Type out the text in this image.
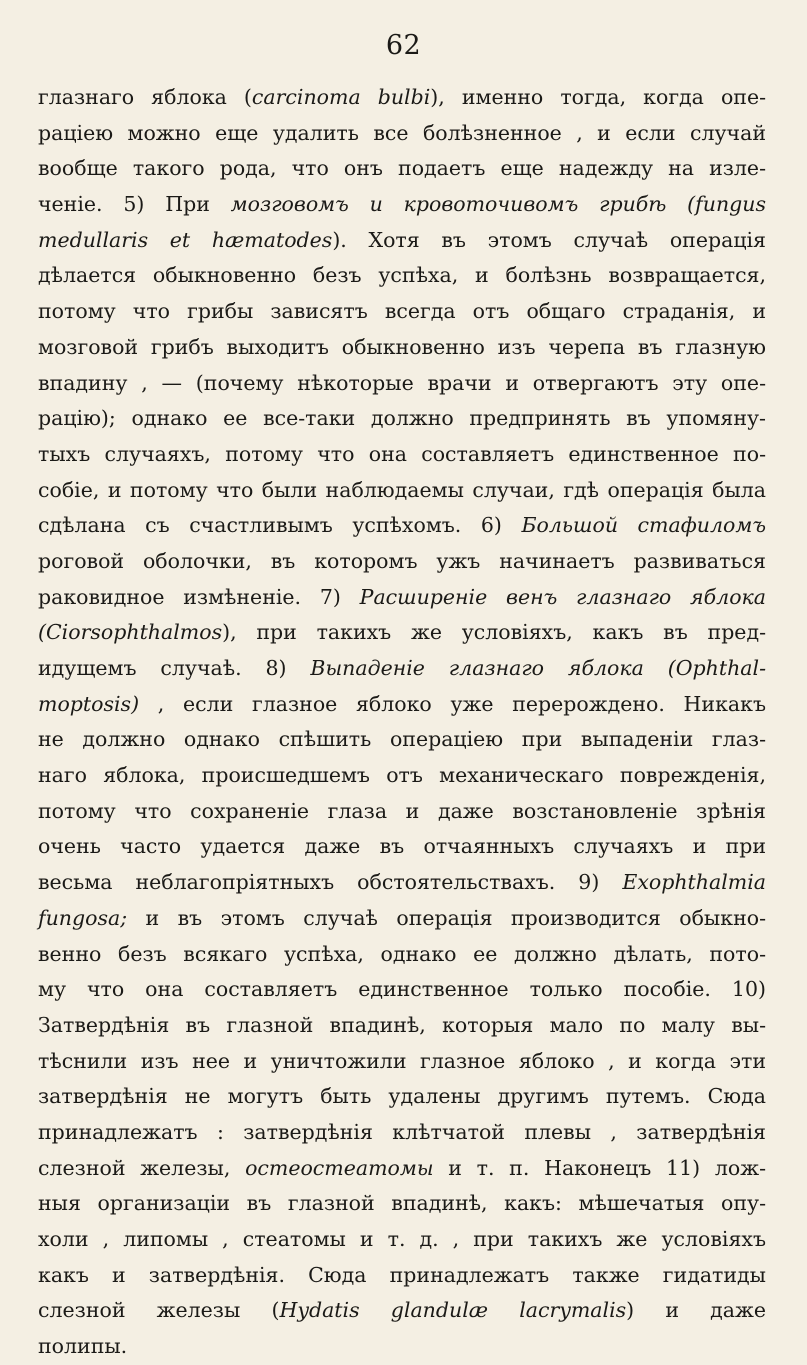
62
глазнаго яблока (carcinoma bulbi), именно тогда, когда опе-
раціею можно еще удалить все болѣзненное , и если случай
вообще такого рода, что онъ подаетъ еще надежду на изле-
ченіе. 5) При мозговомъ и кровоточивомъ грибѣ (fungus
medullaris et hæmatodes). Хотя въ этомъ случаѣ операція
дѣлается обыкновенно безъ успѣха, и болѣзнь возвращается,
потому что грибы зависятъ всегда отъ общаго страданія, и
мозговой грибъ выходитъ обыкновенно изъ черепа въ глазную
впадину , — (почему нѣкоторые врачи и отвергаютъ эту опе-
рацію); однако ее все-таки должно предпринять въ упомяну-
тыхъ случаяхъ, потому что она составляетъ единственное по-
собіе, и потому что были наблюдаемы случаи, гдѣ операція была
сдѣлана съ счастливымъ успѣхомъ. 6) Большой стафиломъ
роговой оболочки, въ которомъ ужъ начинаетъ развиваться
раковидное измѣненіе. 7) Расширеніе венъ глазнаго яблока
(Ciorsophthalmos), при такихъ же условіяхъ, какъ въ пред-
идущемъ случаѣ. 8) Выпаденіе глазнаго яблока (Ophthal-
moptosis) , если глазное яблоко уже перерождено. Никакъ
не должно однако спѣшить операціею при выпаденіи глаз-
наго яблока, происшедшемъ отъ механическаго поврежденія,
потому что сохраненіе глаза и даже возстановленіе зрѣнія
очень часто удается даже въ отчаянныхъ случаяхъ и при
весьма неблагопріятныхъ обстоятельствахъ. 9) Exophthalmia
fungosa; и въ этомъ случаѣ операція производится обыкно-
венно безъ всякаго успѣха, однако ее должно дѣлать, пото-
му что она составляетъ единственное только пособіе. 10)
Затвердѣнія въ глазной впадинѣ, которыя мало по малу вы-
тѣснили изъ нее и уничтожили глазное яблоко , и когда эти
затвердѣнія не могутъ быть удалены другимъ путемъ. Сюда
принадлежатъ : затвердѣнія клѣтчатой плевы , затвердѣнія
слезной железы, остеостеатомы и т. п. Наконецъ 11) лож-
ныя организаціи въ глазной впадинѣ, какъ: мѣшечатыя опу-
холи , липомы , стеатомы и т. д. , при такихъ же условіяхъ
какъ и затвердѣнія. Сюда принадлежатъ также гидатиды
слезной железы (Hydatis glandulæ lacrymalis) и даже
полипы.
